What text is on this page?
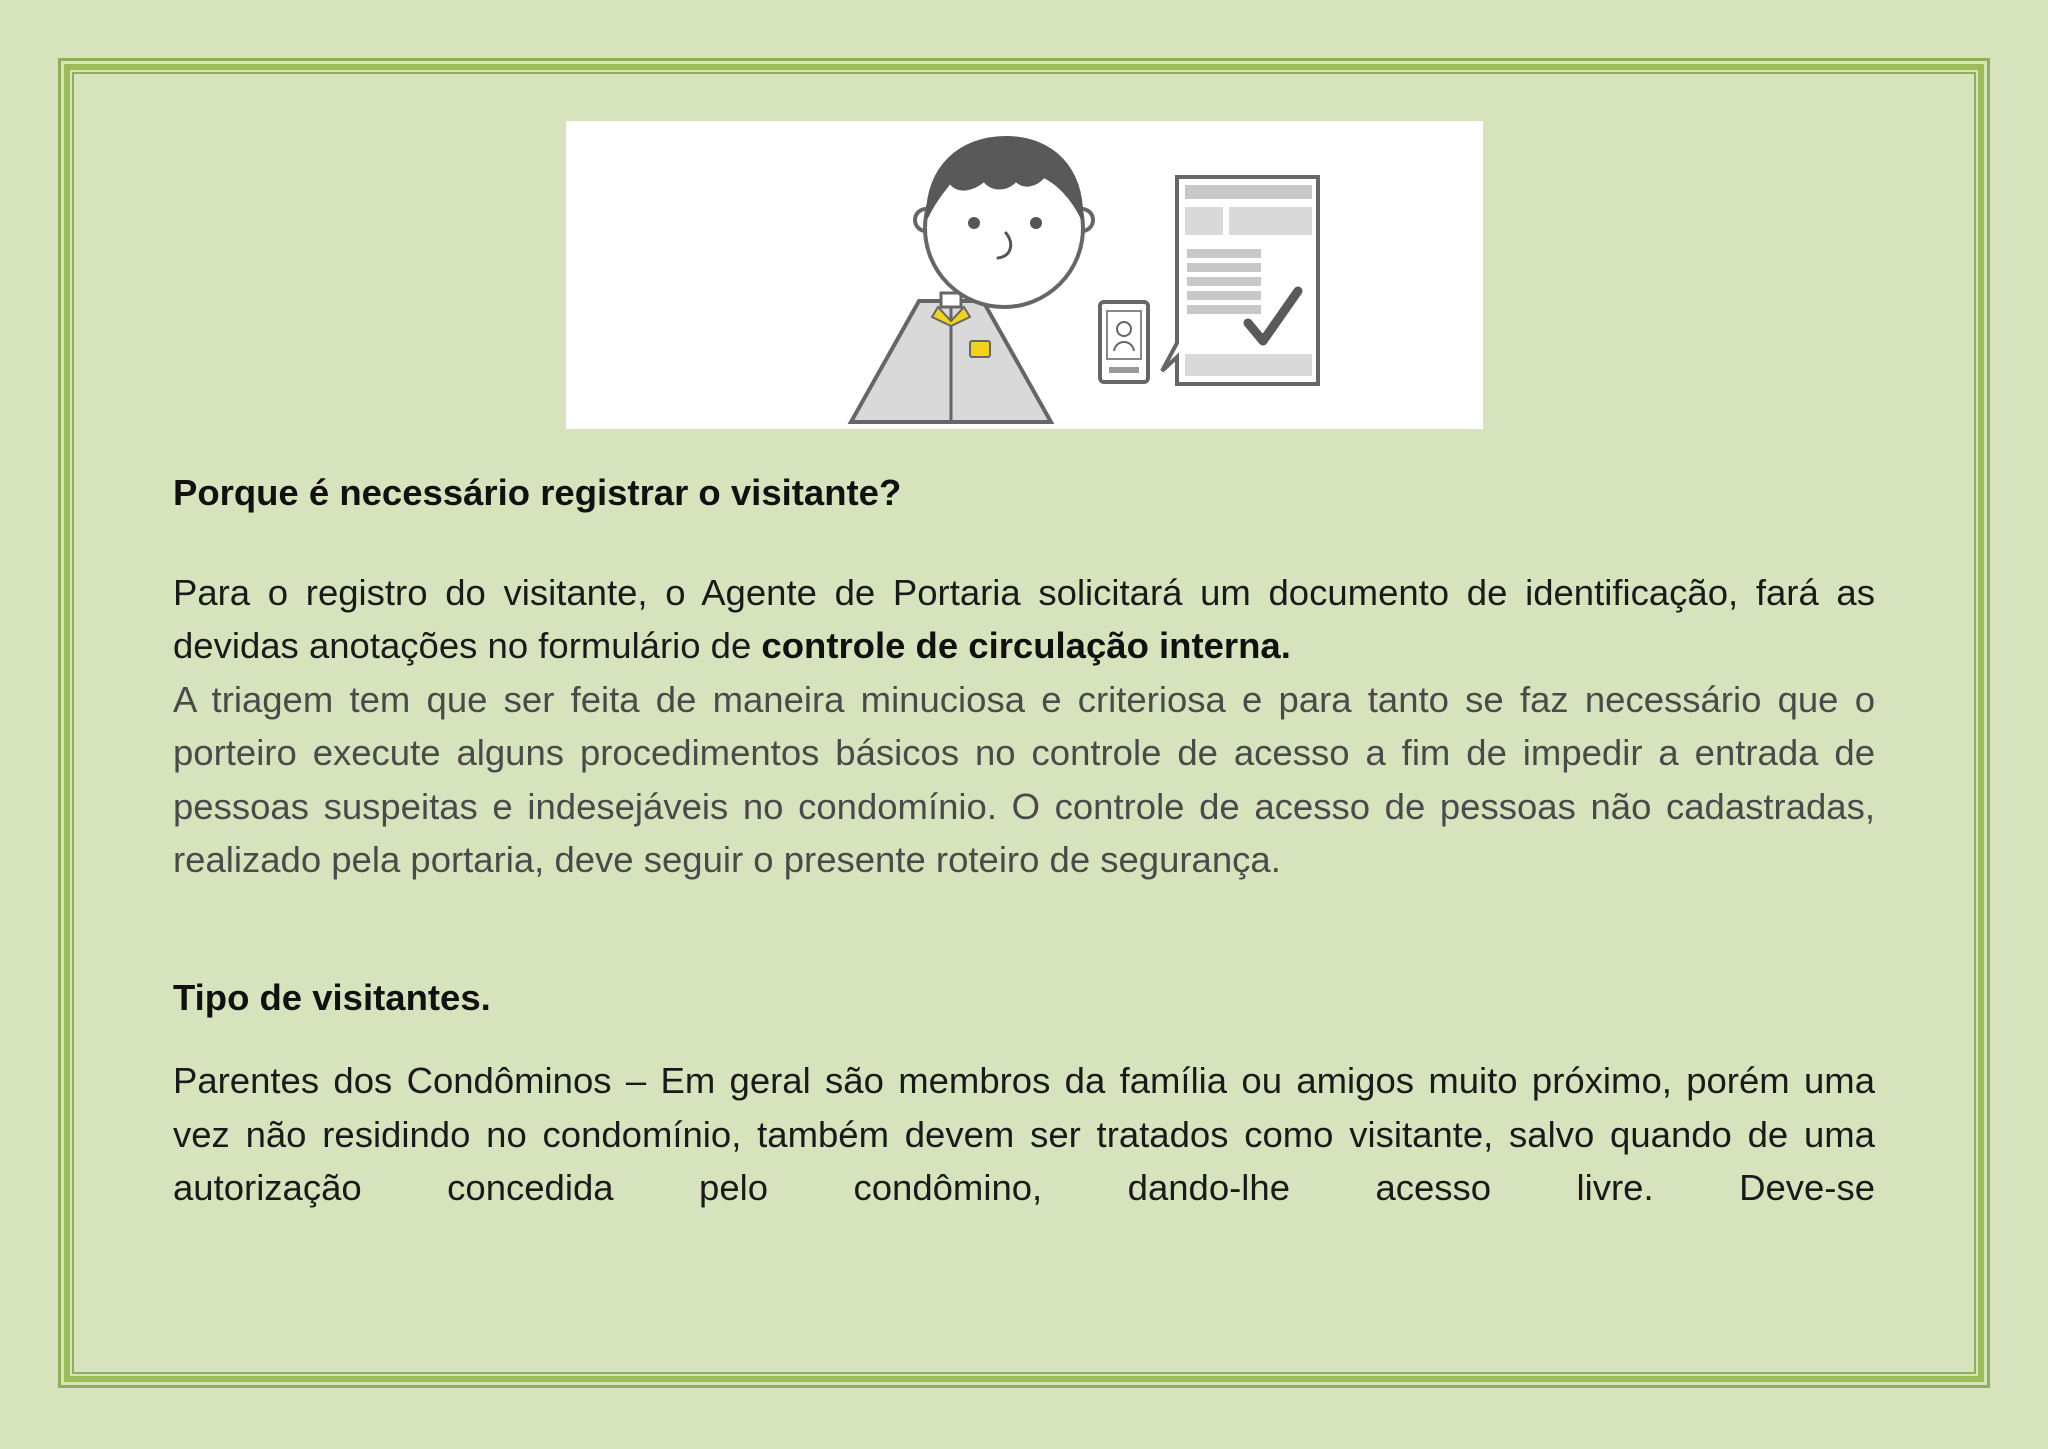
Porque é necessário registrar o visitante?

Para o registro do visitante, o Agente de Portaria solicitará um documento de identificação, fará as devidas anotações no formulário de controle de circulação interna.

A triagem tem que ser feita de maneira minuciosa e criteriosa e para tanto se faz necessário que o porteiro execute alguns procedimentos básicos no controle de acesso a fim de impedir a entrada de pessoas suspeitas e indesejáveis no condomínio. O controle de acesso de pessoas não cadastradas, realizado pela portaria, deve seguir o presente roteiro de segurança.

Tipo de visitantes.

Parentes dos Condôminos – Em geral são membros da família ou amigos muito próximo, porém uma vez não residindo no condomínio, também devem ser tratados como visitante, salvo quando de uma autorização concedida pelo condômino, dando-lhe acesso livre. Deve-se
